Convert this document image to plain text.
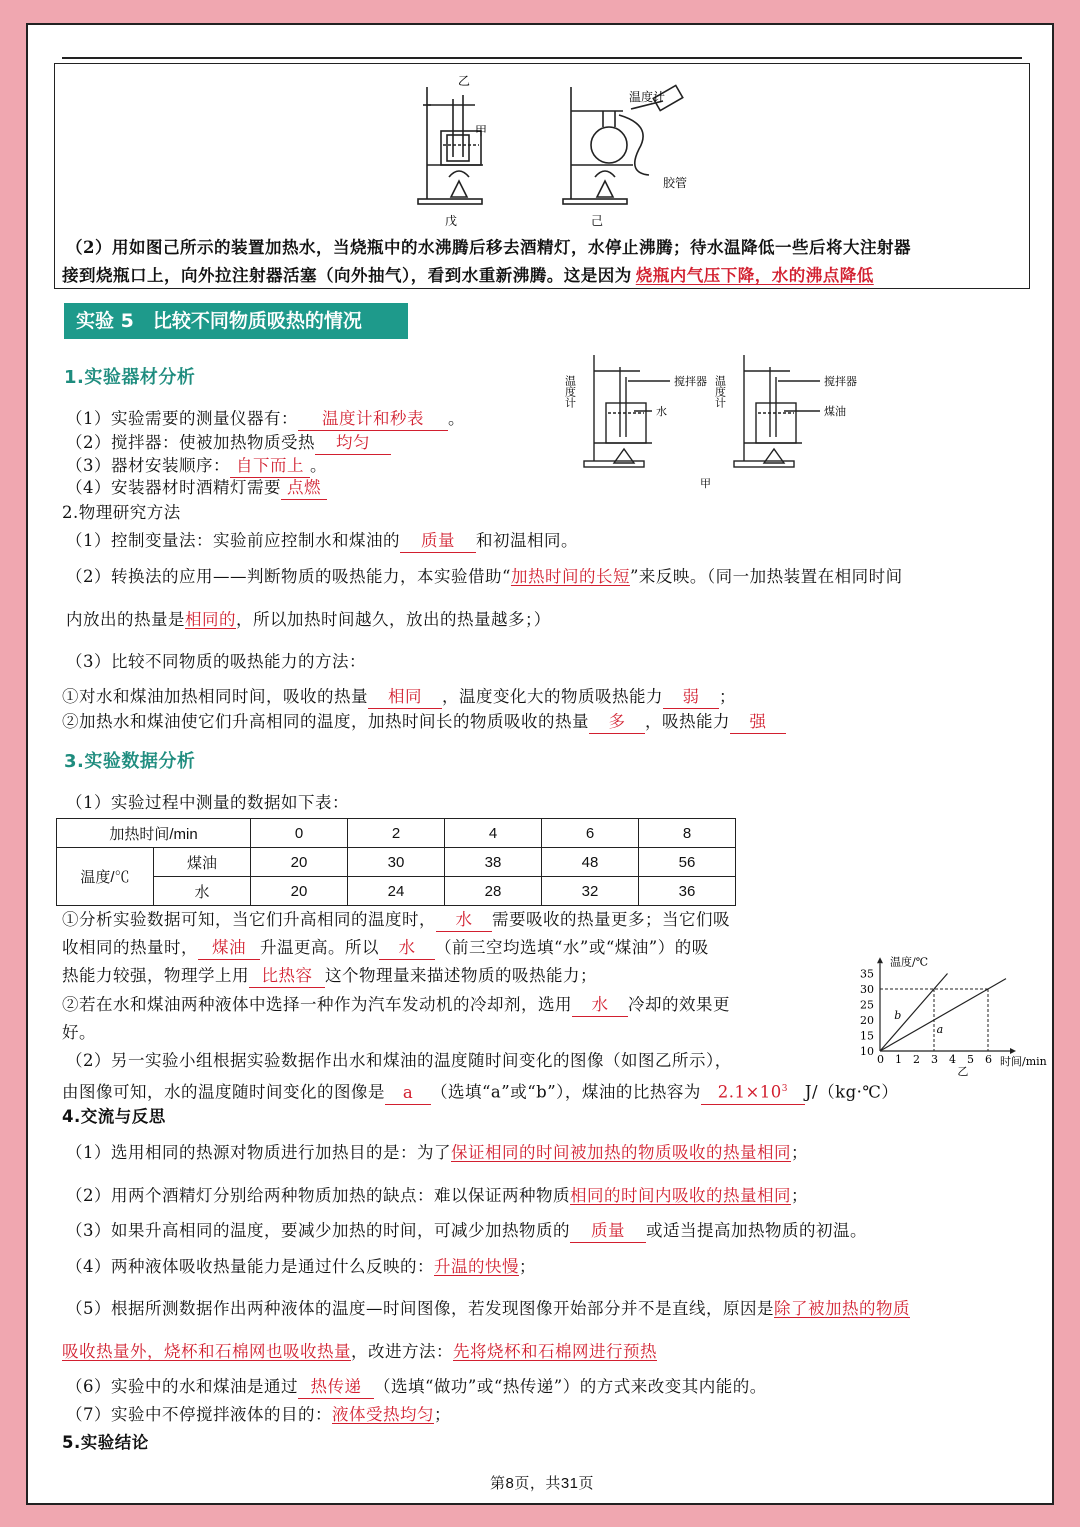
乙
甲
温度计
胶管
戊	己
（2）用如图己所示的装置加热水，当烧瓶中的水沸腾后移去酒精灯，水停止沸腾；待水温降低一些后将大注射器
接到烧瓶口上，向外拉注射器活塞（向外抽气），看到水重新沸腾。这是因为 烧瓶内气压下降，水的沸点降低
实验 5　比较不同物质吸热的情况
1.实验器材分析
（1）实验需要的测量仪器有： 温度计和秒表 。
（2）搅拌器：使被加热物质受热 均匀
（3）器材安装顺序： 自下而上 。
（4）安装器材时酒精灯需要 点燃
温度计	搅拌器
水
温度计	搅拌器
煤油
甲
2.物理研究方法
（1）控制变量法：实验前应控制水和煤油的 质量 和初温相同。
（2）转换法的应用——判断物质的吸热能力，本实验借助“加热时间的长短”来反映。（同一加热装置在相同时间
内放出的热量是相同的，所以加热时间越久，放出的热量越多；）
（3）比较不同物质的吸热能力的方法：
①对水和煤油加热相同时间，吸收的热量 相同 ，温度变化大的物质吸热能力 弱 ；
②加热水和煤油使它们升高相同的温度，加热时间长的物质吸收的热量 多 ，吸热能力 强
3.实验数据分析
（1）实验过程中测量的数据如下表：
加热时间/min		0	2	4	6	8
温度/℃	煤油	20	30	38	48	56
	水	20	24	28	32	36
①分析实验数据可知，当它们升高相同的温度时， 水 需要吸收的热量更多；当它们吸
收相同的热量时， 煤油 升温更高。所以 水 （前三空均选填“水”或“煤油”）的吸
热能力较强，物理学上用 比热容 这个物理量来描述物质的吸热能力；
②若在水和煤油两种液体中选择一种作为汽车发动机的冷却剂，选用 水 冷却的效果更
好。
（2）另一实验小组根据实验数据作出水和煤油的温度随时间变化的图像（如图乙所示），
由图像可知，水的温度随时间变化的图像是 a （选填“a”或“b”），煤油的比热容为 $2.1\times 10^3$ J/（kg·℃）
0 1 2 3 4 5 6
10
15
20
25
30
35
温度/℃
时间/min
乙
b
a
4.交流与反思
（1）选用相同的热源对物质进行加热目的是：为了保证相同的时间被加热的物质吸收的热量相同；
（2）用两个酒精灯分别给两种物质加热的缺点：难以保证两种物质相同的时间内吸收的热量相同；
（3）如果升高相同的温度，要减少加热的时间，可减少加热物质的 质量 或适当提高加热物质的初温。
（4）两种液体吸收热量能力是通过什么反映的：升温的快慢；
（5）根据所测数据作出两种液体的温度—时间图像，若发现图像开始部分并不是直线，原因是除了被加热的物质
吸收热量外，烧杯和石棉网也吸收热量，改进方法：先将烧杯和石棉网进行预热
（6）实验中的水和煤油是通过 热传递 （选填“做功”或“热传递”）的方式来改变其内能的。
（7）实验中不停搅拌液体的目的：液体受热均匀；
5.实验结论
第8页，共31页
